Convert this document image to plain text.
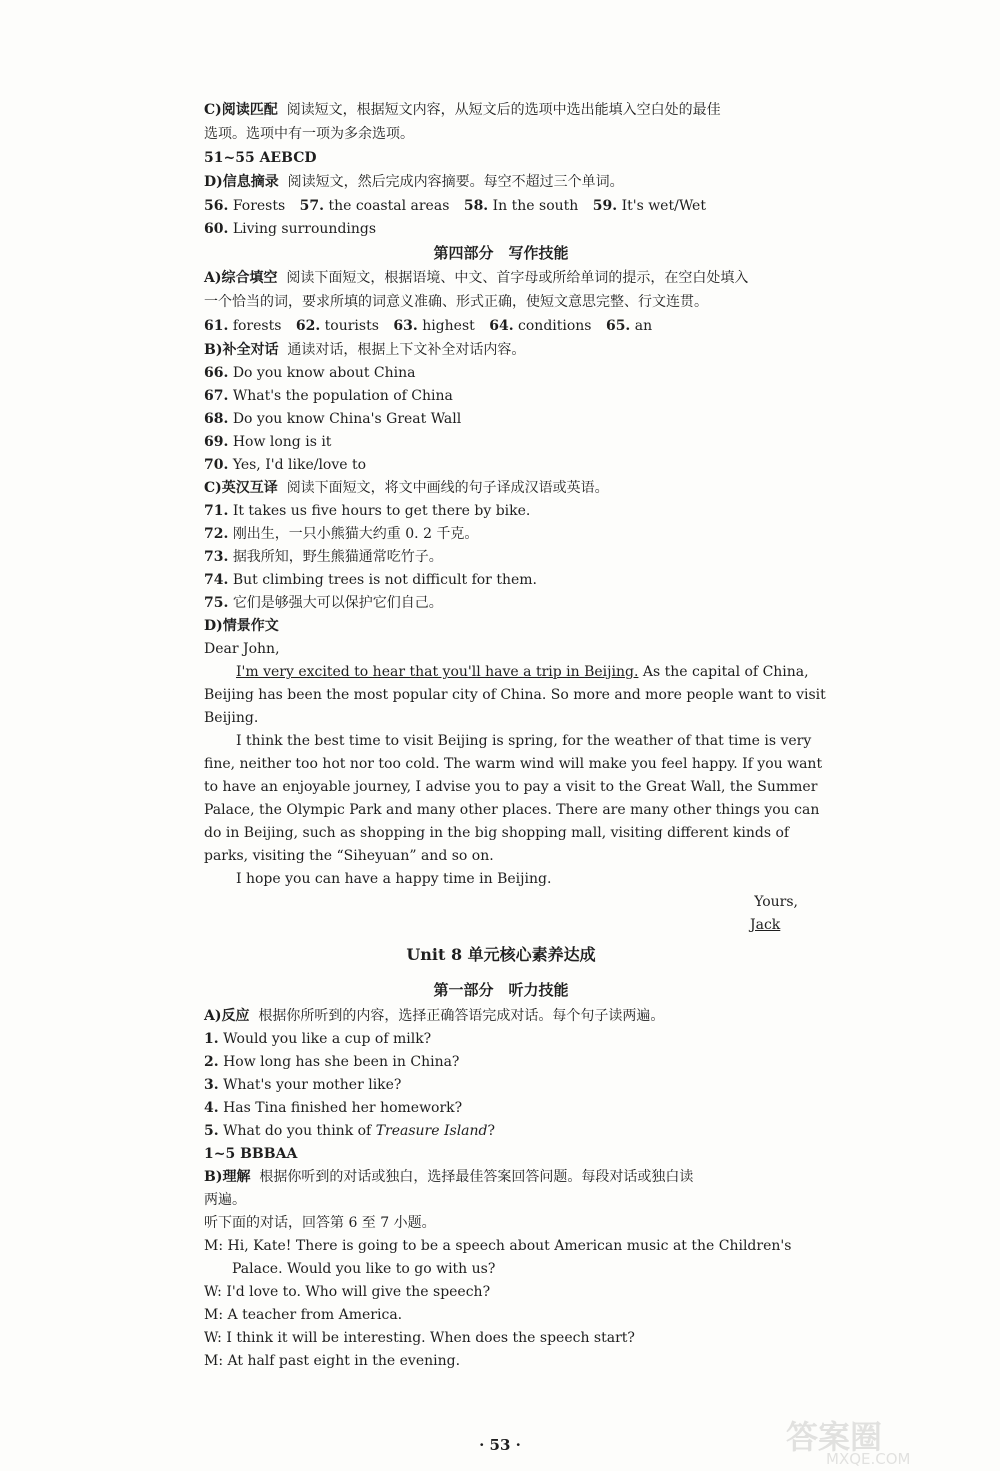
C)阅读匹配 阅读短文，根据短文内容，从短文后的选项中选出能填入空白处的最佳
选项。选项中有一项为多余选项。
51~55 AEBCD
D)信息摘录 阅读短文，然后完成内容摘要。每空不超过三个单词。
56. Forests 57. the coastal areas 58. In the south 59. It's wet/Wet
60. Living surroundings
第四部分　写作技能
A)综合填空 阅读下面短文，根据语境、中文、首字母或所给单词的提示，在空白处填入
一个恰当的词，要求所填的词意义准确、形式正确，使短文意思完整、行文连贯。
61. forests 62. tourists 63. highest 64. conditions 65. an
B)补全对话 通读对话，根据上下文补全对话内容。
66. Do you know about China
67. What's the population of China
68. Do you know China's Great Wall
69. How long is it
70. Yes, I'd like/love to
C)英汉互译 阅读下面短文，将文中画线的句子译成汉语或英语。
71. It takes us five hours to get there by bike.
72. 刚出生，一只小熊猫大约重 0. 2 千克。
73. 据我所知，野生熊猫通常吃竹子。
74. But climbing trees is not difficult for them.
75. 它们是够强大可以保护它们自己。
D)情景作文
Dear John,
I'm very excited to hear that you'll have a trip in Beijing. As the capital of China,
Beijing has been the most popular city of China. So more and more people want to visit
Beijing.
I think the best time to visit Beijing is spring, for the weather of that time is very
fine, neither too hot nor too cold. The warm wind will make you feel happy. If you want
to have an enjoyable journey, I advise you to pay a visit to the Great Wall, the Summer
Palace, the Olympic Park and many other places. There are many other things you can
do in Beijing, such as shopping in the big shopping mall, visiting different kinds of
parks, visiting the “Siheyuan” and so on.
I hope you can have a happy time in Beijing.
Yours,
Jack
Unit 8 单元核心素养达成
第一部分　听力技能
A)反应 根据你所听到的内容，选择正确答语完成对话。每个句子读两遍。
1. Would you like a cup of milk?
2. How long has she been in China?
3. What's your mother like?
4. Has Tina finished her homework?
5. What do you think of Treasure Island?
1~5 BBBAA
B)理解 根据你听到的对话或独白，选择最佳答案回答问题。每段对话或独白读
两遍。
听下面的对话，回答第 6 至 7 小题。
M: Hi, Kate! There is going to be a speech about American music at the Children's
Palace. Would you like to go with us?
W: I'd love to. Who will give the speech?
M: A teacher from America.
W: I think it will be interesting. When does the speech start?
M: At half past eight in the evening.
· 53 ·	答案圈
MXQE.COM
